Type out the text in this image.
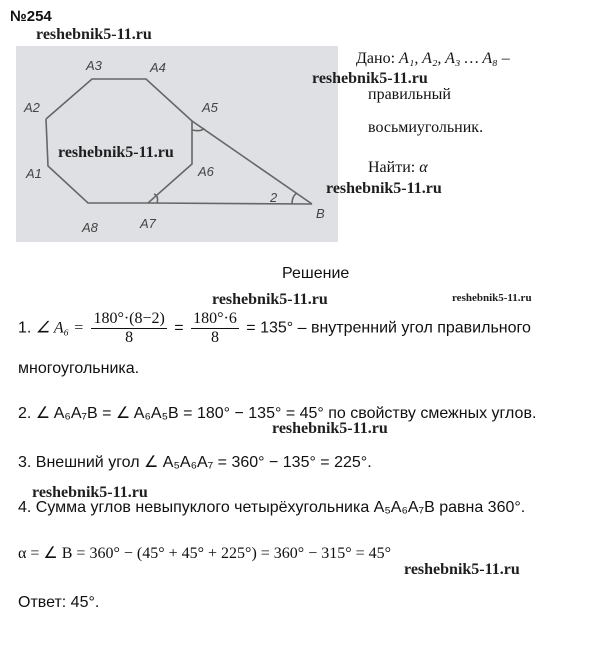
№254
reshebnik5-11.ru
A3	A4
A2	A5
A1	A6
A8	A7
B
2
reshebnik5-11.ru
Дано: A₁, A₂, A₃ … A₈ –
reshebnik5-11.ru
правильный
восьмиугольник.
Найти: α
reshebnik5-11.ru
Решение
reshebnik5-11.ru	reshebnik5-11.ru
1. ∠ $A_6 = \frac{180^\circ\cdot(8-2)}{8} = \frac{180^\circ\cdot 6}{8} = 135^\circ$ – внутренний угол правильного
многоугольника.
2. ∠ A₆A₇B = ∠ A₆A₅B = 180° − 135° = 45° по свойству смежных углов.
reshebnik5-11.ru
3. Внешний угол ∠ A₅A₆A₇ = 360° − 135° = 225°.
reshebnik5-11.ru
4. Сумма углов невыпуклого четырёхугольника A₅A₆A₇B равна 360°.
α = ∠ B = 360° − (45° + 45° + 225°) = 360° − 315° = 45°
reshebnik5-11.ru
Ответ: 45°.
